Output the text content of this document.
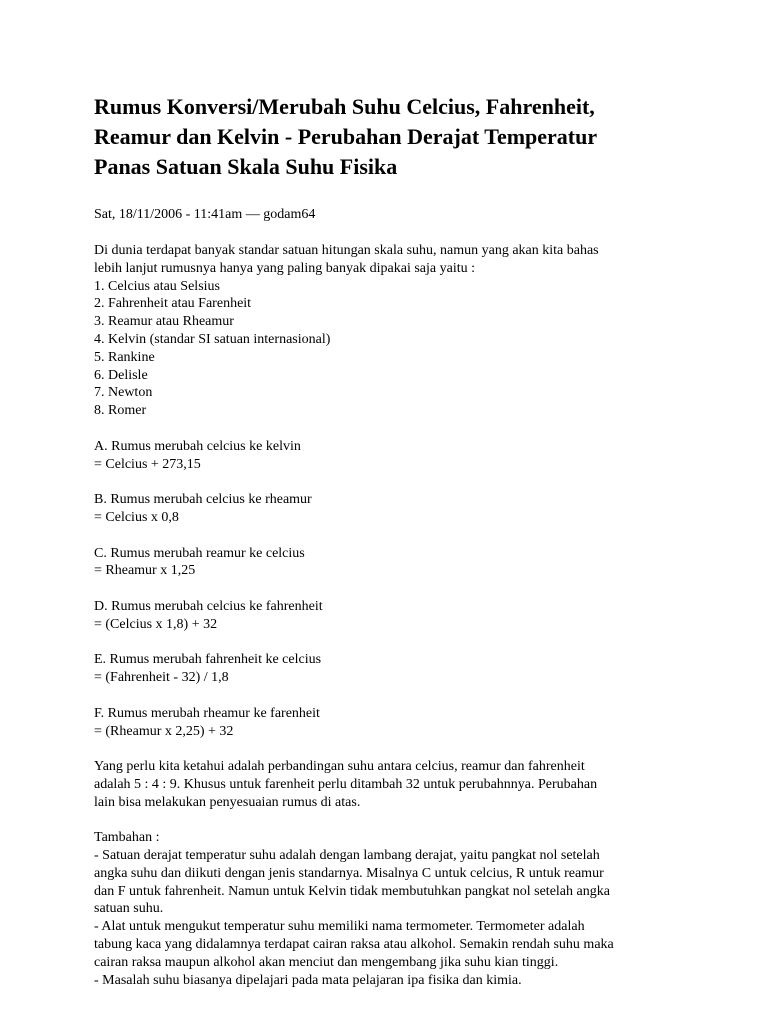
Rumus Konversi/Merubah Suhu Celcius, Fahrenheit, Reamur dan Kelvin - Perubahan Derajat Temperatur Panas Satuan Skala Suhu Fisika
Sat, 18/11/2006 - 11:41am — godam64
Di dunia terdapat banyak standar satuan hitungan skala suhu, namun yang akan kita bahas
lebih lanjut rumusnya hanya yang paling banyak dipakai saja yaitu :
1. Celcius atau Selsius
2. Fahrenheit atau Farenheit
3. Reamur atau Rheamur
4. Kelvin (standar SI satuan internasional)
5. Rankine
6. Delisle
7. Newton
8. Romer
A. Rumus merubah celcius ke kelvin
= Celcius + 273,15
B. Rumus merubah celcius ke rheamur
= Celcius x 0,8
C. Rumus merubah reamur ke celcius
= Rheamur x 1,25
D. Rumus merubah celcius ke fahrenheit
= (Celcius x 1,8) + 32
E. Rumus merubah fahrenheit ke celcius
= (Fahrenheit - 32) / 1,8
F. Rumus merubah rheamur ke farenheit
= (Rheamur x 2,25) + 32
Yang perlu kita ketahui adalah perbandingan suhu antara celcius, reamur dan fahrenheit
adalah 5 : 4 : 9. Khusus untuk farenheit perlu ditambah 32 untuk perubahnnya. Perubahan
lain bisa melakukan penyesuaian rumus di atas.
Tambahan :
- Satuan derajat temperatur suhu adalah dengan lambang derajat, yaitu pangkat nol setelah
angka suhu dan diikuti dengan jenis standarnya. Misalnya C untuk celcius, R untuk reamur
dan F untuk fahrenheit. Namun untuk Kelvin tidak membutuhkan pangkat nol setelah angka
satuan suhu.
- Alat untuk mengukut temperatur suhu memiliki nama termometer. Termometer adalah
tabung kaca yang didalamnya terdapat cairan raksa atau alkohol. Semakin rendah suhu maka
cairan raksa maupun alkohol akan menciut dan mengembang jika suhu kian tinggi.
- Masalah suhu biasanya dipelajari pada mata pelajaran ipa fisika dan kimia.
